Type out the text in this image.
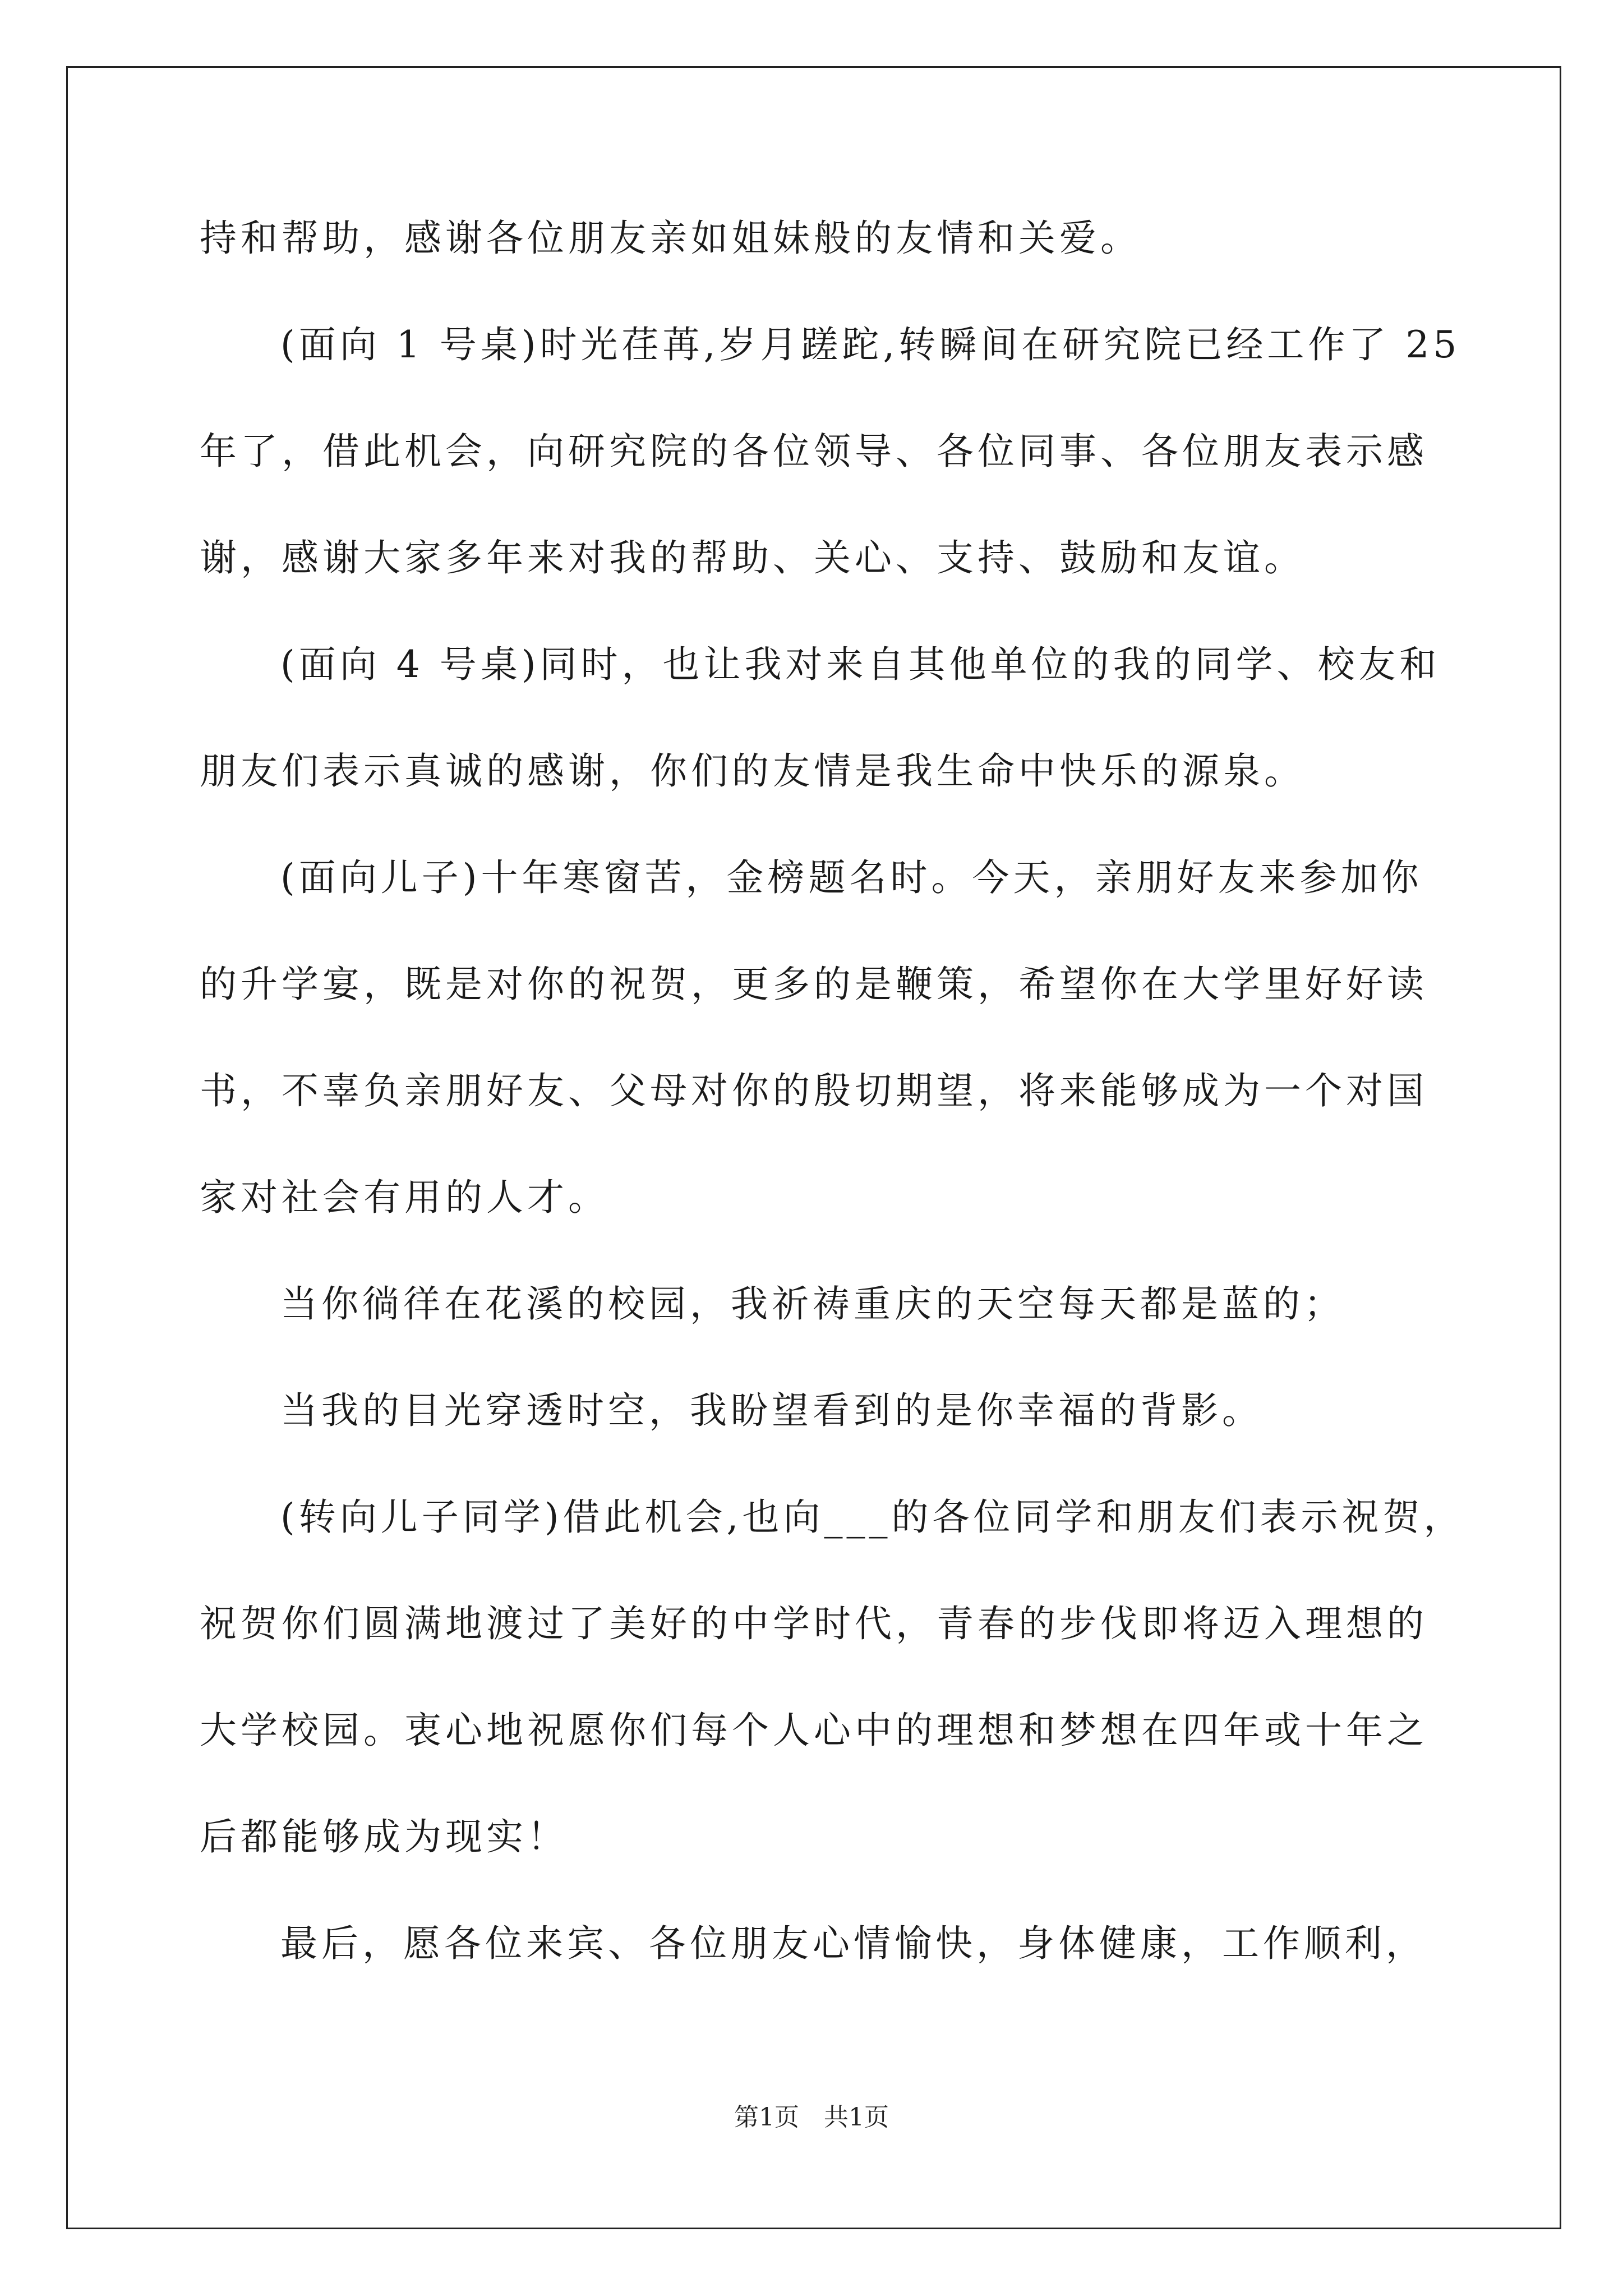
持和帮助，感谢各位朋友亲如姐妹般的友情和关爱。
(面向 1 号桌)时光荏苒,岁月蹉跎,转瞬间在研究院已经工作了 25
年了，借此机会，向研究院的各位领导、各位同事、各位朋友表示感
谢，感谢大家多年来对我的帮助、关心、支持、鼓励和友谊。
(面向 4 号桌)同时，也让我对来自其他单位的我的同学、校友和
朋友们表示真诚的感谢，你们的友情是我生命中快乐的源泉。
(面向儿子)十年寒窗苦，金榜题名时。今天，亲朋好友来参加你
的升学宴，既是对你的祝贺，更多的是鞭策，希望你在大学里好好读
书，不辜负亲朋好友、父母对你的殷切期望，将来能够成为一个对国
家对社会有用的人才。
当你徜徉在花溪的校园，我祈祷重庆的天空每天都是蓝的；
当我的目光穿透时空，我盼望看到的是你幸福的背影。
(转向儿子同学)借此机会,也向___的各位同学和朋友们表示祝贺，
祝贺你们圆满地渡过了美好的中学时代，青春的步伐即将迈入理想的
大学校园。衷心地祝愿你们每个人心中的理想和梦想在四年或十年之
后都能够成为现实！
最后，愿各位来宾、各位朋友心情愉快，身体健康，工作顺利，
第1页　共1页
